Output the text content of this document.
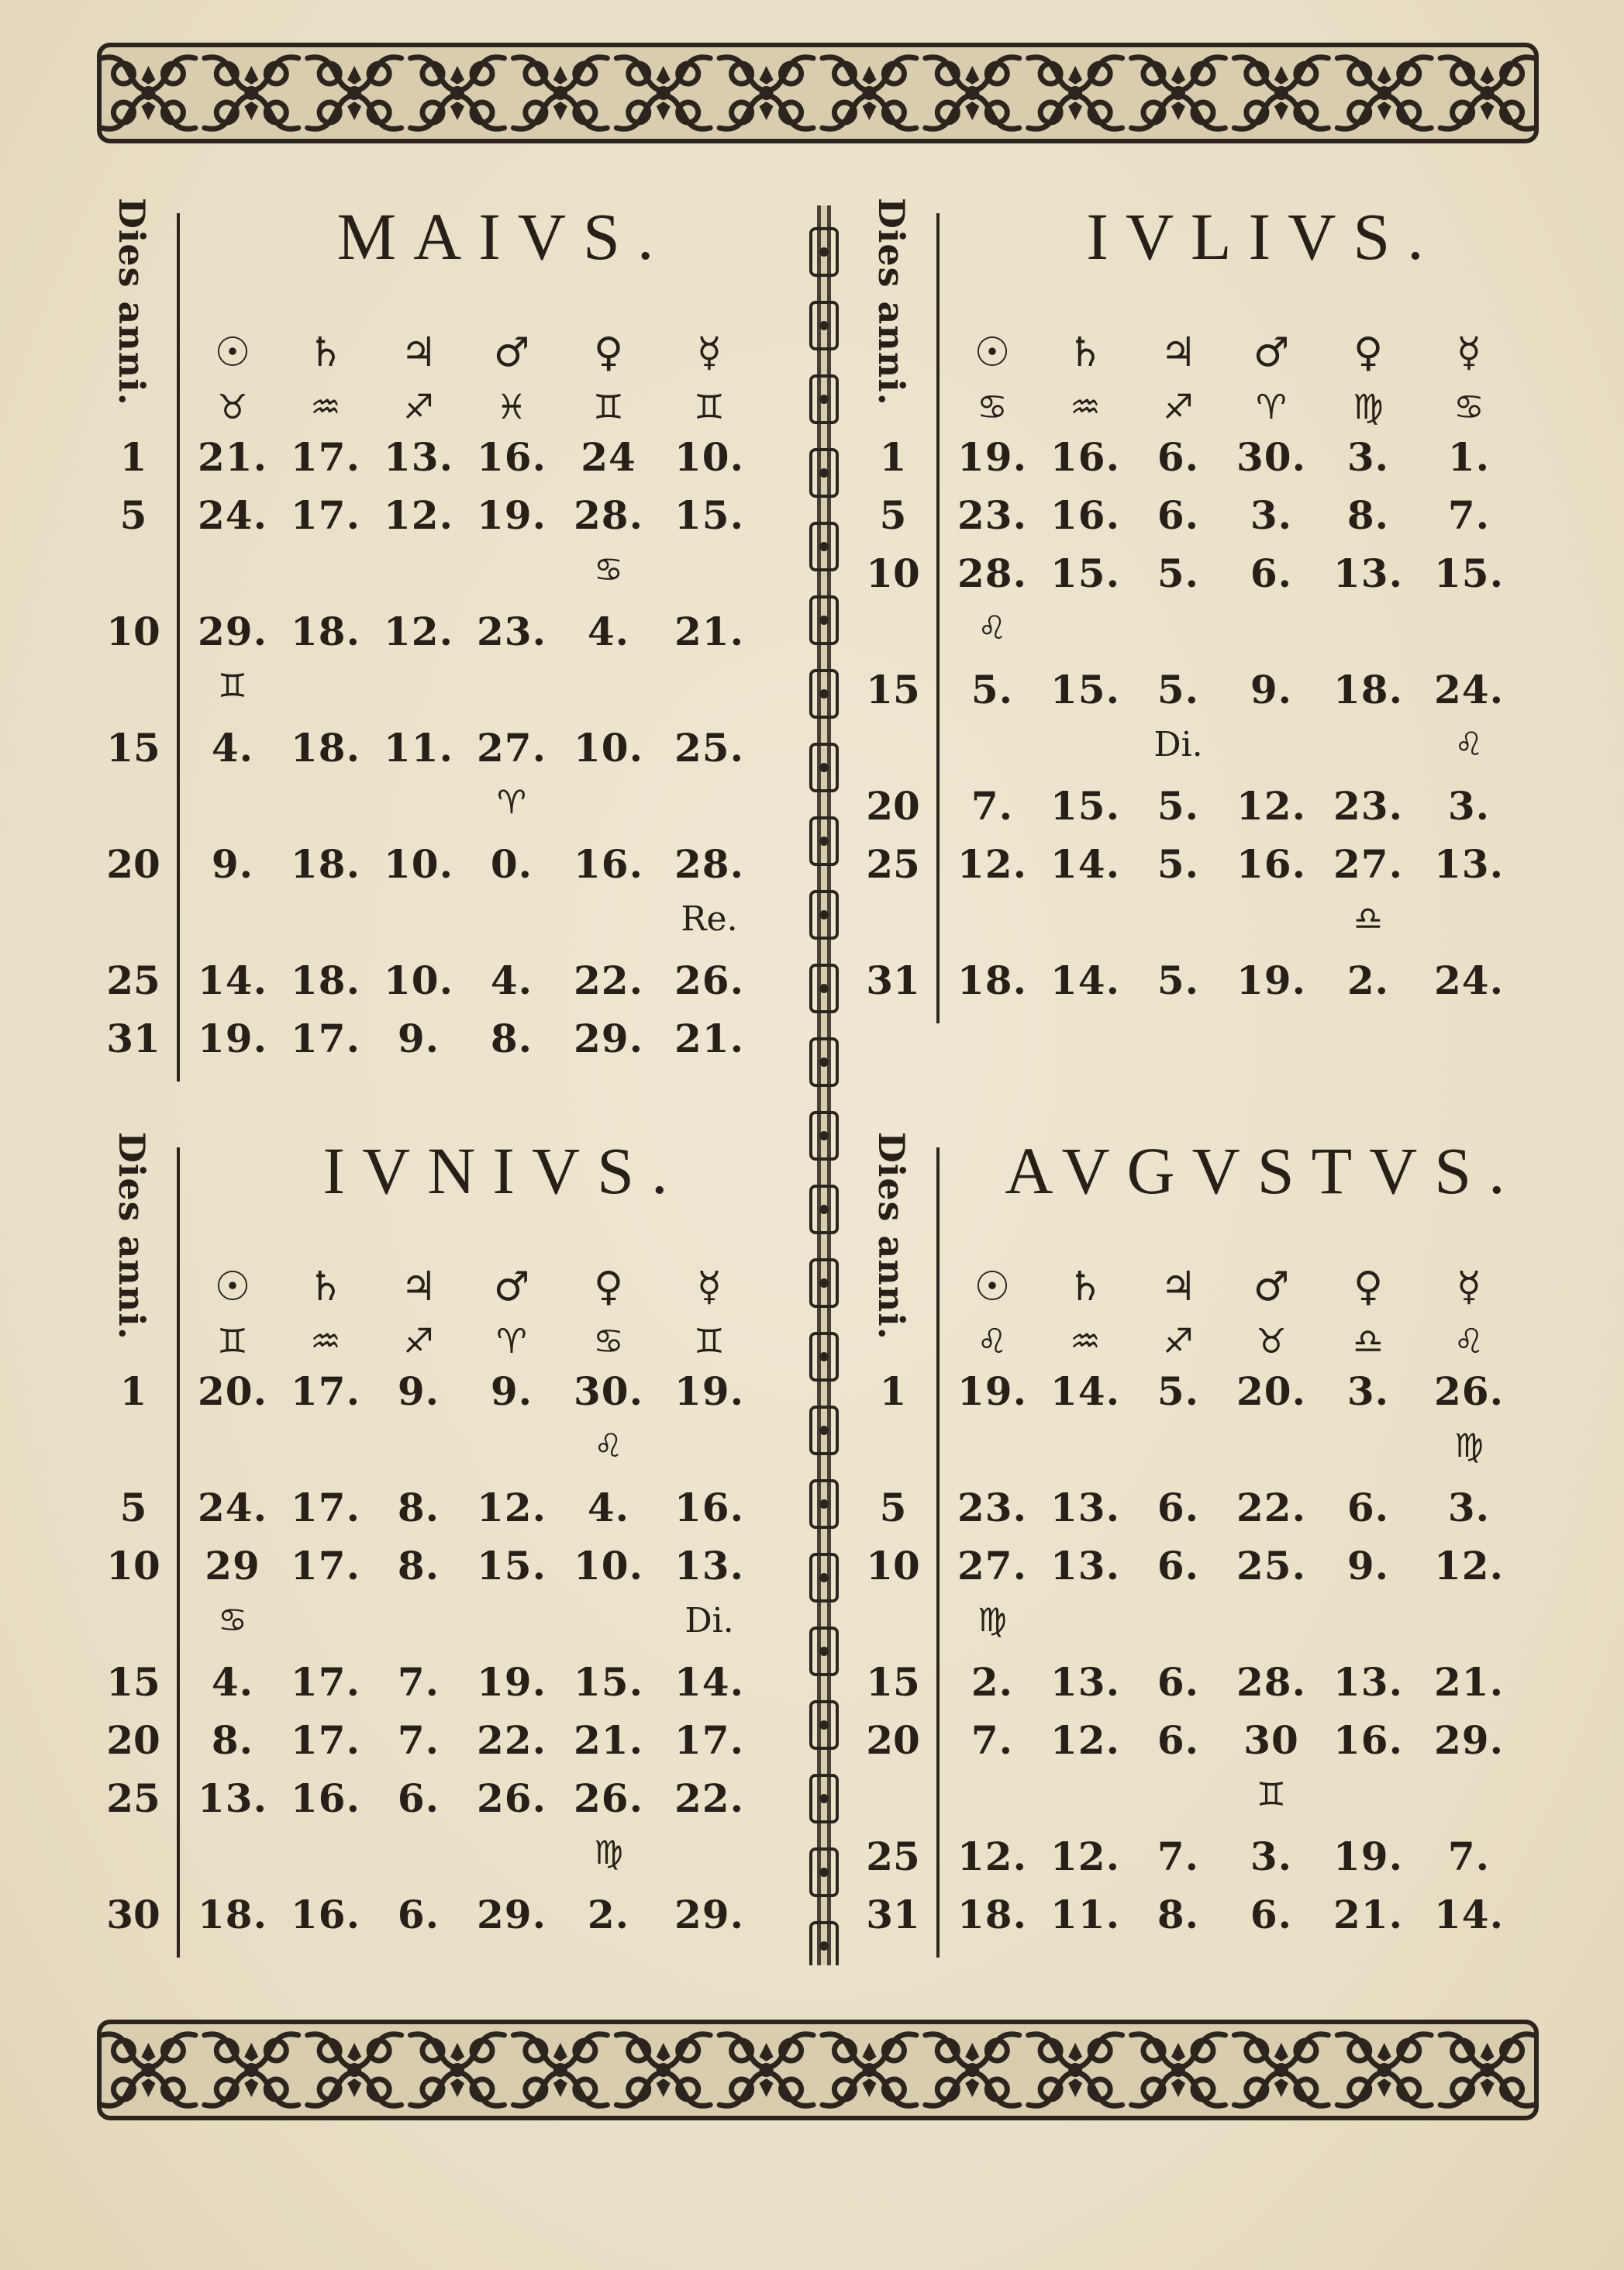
Dies anni.	MAIVS.
☉	♄	♃	♂	♀	☿
♉	♒	♐	♓	♊	♊
1	21. 17. 13. 16. 24 10.
5	24. 17. 12. 19. 28. 15.
♋
10 29. 18. 12. 23.	4.	21.
♊
15	4. 18. 11. 27. 10. 25.
♈
20	9. 18. 10. 0.	16. 28.
Re.
25 14. 18. 10. 4.	22. 26.
31 19. 17. 9.	8.	29. 21.
Dies anni.	IVLIVS.
☉	♄	♃	♂	♀	☿
♋	♒	♐	♈	♍	♋
1	19. 16. 6. 30.	3.	1.
5	23. 16. 6.	3.	8.	7.
10 28. 15. 5.	6.	13. 15.
♌
15	5. 15. 5.	9.	18. 24.
Di.	♌
20	7. 15. 5. 12. 23.	3.
25 12. 14. 5. 16. 27. 13.
♎
31 18. 14. 5. 19.	2.	24.
Dies anni.	IVNIVS.
☉	♄	♃	♂	♀	☿
♊	♒	♐	♈	♋	♊
1	20. 17. 9.	9.	30. 19.
♌
5	24. 17. 8. 12.	4.	16.
10	29 17. 8. 15. 10. 13.
♋	Di.
15	4. 17. 7. 19. 15. 14.
20	8. 17. 7. 22. 21. 17.
25 13. 16. 6. 26. 26. 22.
♍
30 18. 16. 6. 29.	2.	29.
Dies anni.	AVGVSTVS.
☉	♄	♃	♂	♀	☿
♌	♒	♐	♉	♎	♌
1	19. 14. 5. 20.	3.	26.
♍
5	23. 13. 6. 22.	6.	3.
10 27. 13. 6. 25.	9.	12.
♍
15	2. 13. 6. 28. 13. 21.
20	7. 12. 6.	30 16. 29.
♊
25 12. 12. 7.	3.	19.	7.
31 18. 11. 8.	6.	21. 14.
